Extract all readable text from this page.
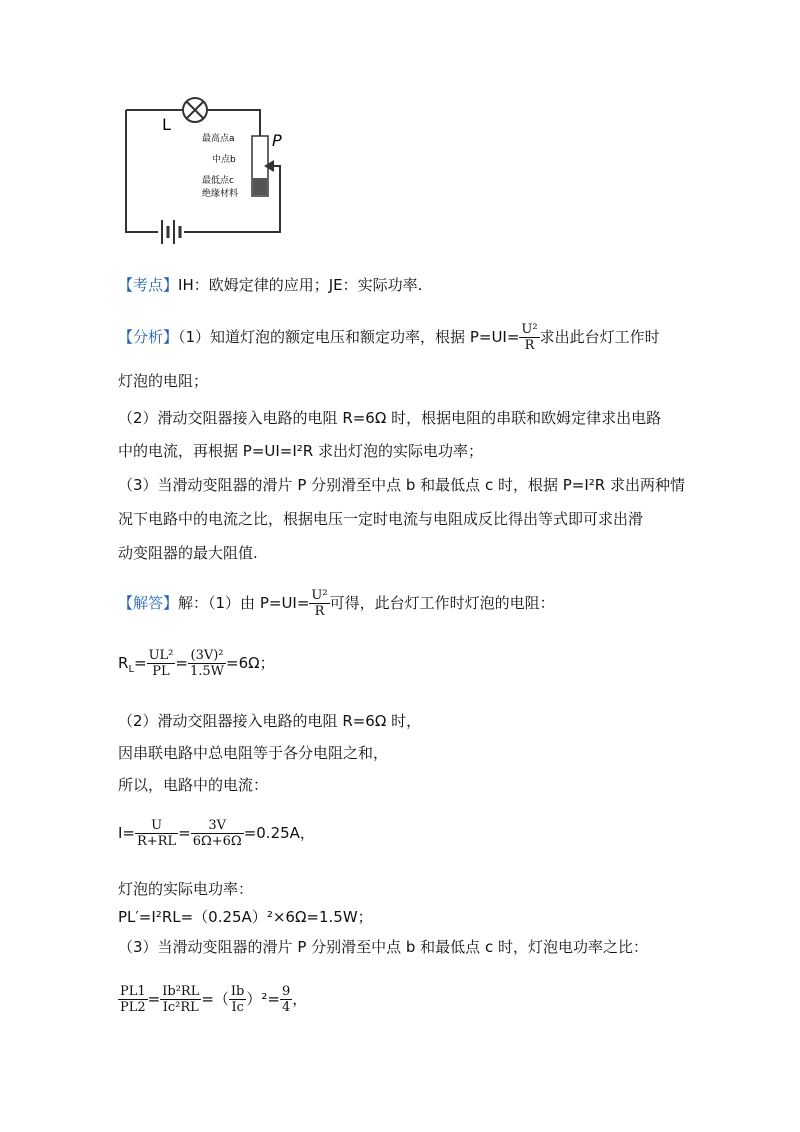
L
P
最高点a
中点b
最低点c
绝缘材料
【考点】IH：欧姆定律的应用；JE：实际功率.
【分析】（1）知道灯泡的额定电压和额定功率，根据 $P=UI= \frac{\text{U²}}{R}$ 求出此台灯工作时
灯泡的电阻；
（2）滑动交阻器接入电路的电阻 R=6Ω 时，根据电阻的串联和欧姆定律求出电路
中的电流，再根据 P=UI=I²R 求出灯泡的实际电功率；
（3）当滑动变阻器的滑片 P 分别滑至中点 b 和最低点 c 时，根据 P=I²R 求出两种情
况下电路中的电流之比，根据电压一定时电流与电阻成反比得出等式即可求出滑
动变阻器的最大阻值.
【解答】解：（1）由 $P=UI= \frac{\text{U²}}{R}$ 可得，此台灯工作时灯泡的电阻：
$R_L= \frac{\text{UL²}}{PL} = \frac{\text{(3V)²}}{1.5W} =6\Omega$；
（2）滑动交阻器接入电路的电阻 R=6Ω 时，
因串联电路中总电阻等于各分电阻之和，
所以，电路中的电流：
$I= \frac{U}{R+RL} = \frac{3V}{6\Omega+6\Omega} =0.25A$，
灯泡的实际电功率：
PL′=I²RL=（0.25A）²×6Ω=1.5W；
（3）当滑动变阻器的滑片 P 分别滑至中点 b 和最低点 c 时，灯泡电功率之比：
$\frac{PL1}{PL2} = \frac{\text{Ib²RL}}{\text{Ic²RL}}$ =（ $\frac{Ib}{Ic} )^2= \frac{9}{4}$ ，
